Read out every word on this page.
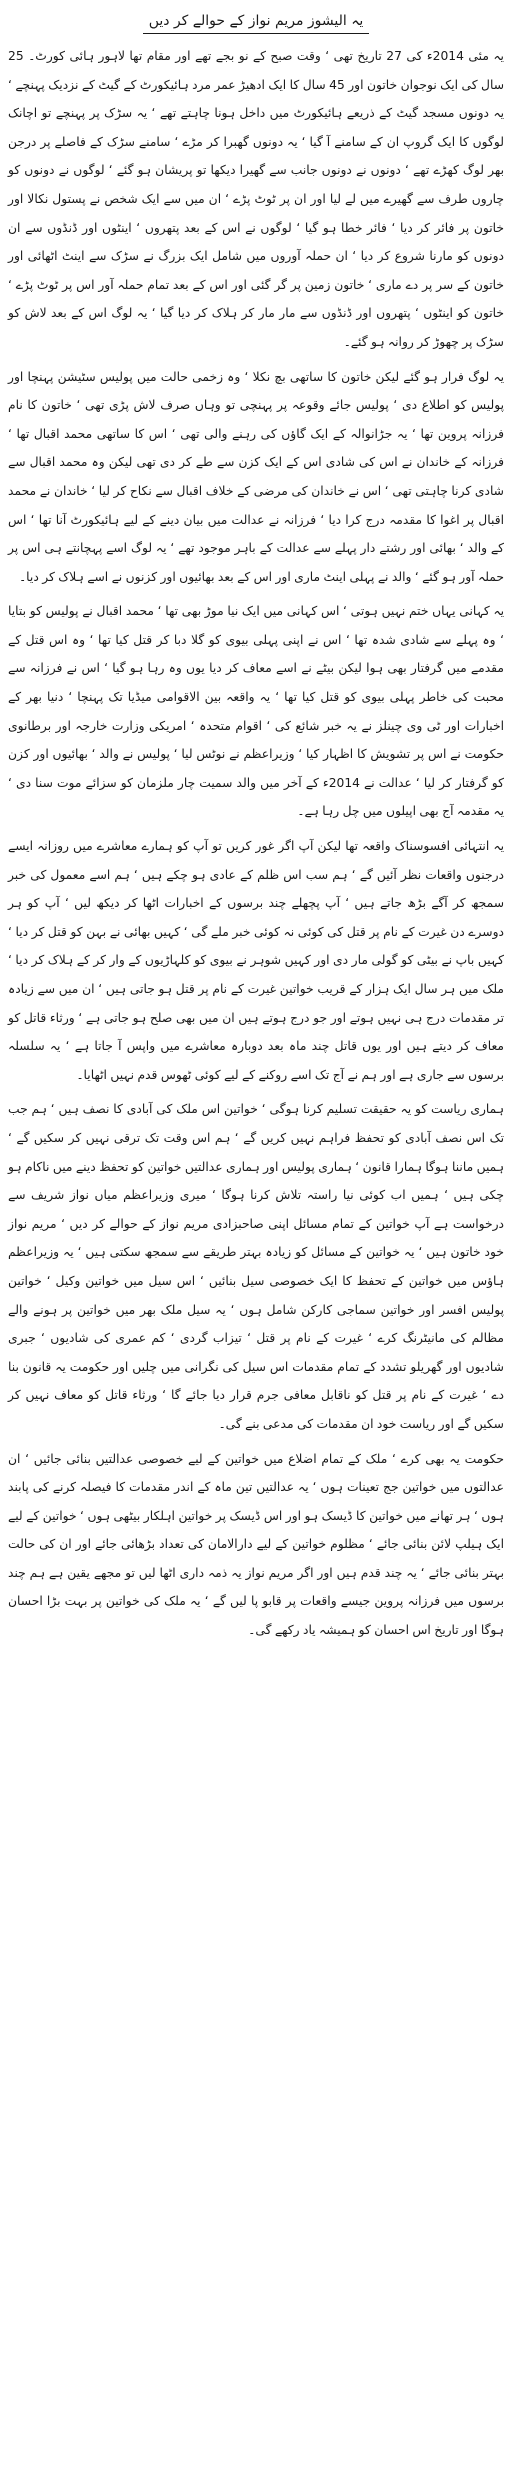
یہ الیشوز مریم نواز کے حوالے کر دیں

یہ مئی 2014ء کی 27 تاریخ تھی ‘ وقت صبح کے نو بجے تھے اور مقام تھا لاہور ہائی کورٹ۔ 25 سال کی ایک نوجوان خاتون اور 45 سال کا ایک ادھیڑ عمر مرد ہائیکورٹ کے گیٹ کے نزدیک پہنچے ‘ یہ دونوں مسجد گیٹ کے ذریعے ہائیکورٹ میں داخل ہونا چاہتے تھے ‘ یہ سڑک پر پہنچے تو اچانک لوگوں کا ایک گروپ ان کے سامنے آ گیا ‘ یہ دونوں گھبرا کر مڑے ‘ سامنے سڑک کے فاصلے پر درجن بھر لوگ کھڑے تھے ‘ دونوں نے دونوں جانب سے گھیرا دیکھا تو پریشان ہو گئے ‘ لوگوں نے دونوں کو چاروں طرف سے گھیرے میں لے لیا اور ان پر ٹوٹ پڑے ‘ ان میں سے ایک شخص نے پستول نکالا اور خاتون پر فائر کر دیا ‘ فائر خطا ہو گیا ‘ لوگوں نے اس کے بعد پتھروں ‘ اینٹوں اور ڈنڈوں سے ان دونوں کو مارنا شروع کر دیا ‘ ان حملہ آوروں میں شامل ایک بزرگ نے سڑک سے اینٹ اٹھائی اور خاتون کے سر پر دے ماری ‘ خاتون زمین پر گر گئی اور اس کے بعد تمام حملہ آور اس پر ٹوٹ پڑے ‘ خاتون کو اینٹوں ‘ پتھروں اور ڈنڈوں سے مار مار کر ہلاک کر دیا گیا ‘ یہ لوگ اس کے بعد لاش کو سڑک پر چھوڑ کر روانہ ہو گئے۔

یہ لوگ فرار ہو گئے لیکن خاتون کا ساتھی بچ نکلا ‘ وہ زخمی حالت میں پولیس سٹیشن پہنچا اور پولیس کو اطلاع دی ‘ پولیس جائے وقوعہ پر پہنچی تو وہاں صرف لاش پڑی تھی ‘ خاتون کا نام فرزانہ پروین تھا ‘ یہ جڑانوالہ کے ایک گاؤں کی رہنے والی تھی ‘ اس کا ساتھی محمد اقبال تھا ‘ فرزانہ کے خاندان نے اس کی شادی اس کے ایک کزن سے طے کر دی تھی لیکن وہ محمد اقبال سے شادی کرنا چاہتی تھی ‘ اس نے خاندان کی مرضی کے خلاف اقبال سے نکاح کر لیا ‘ خاندان نے محمد اقبال پر اغوا کا مقدمہ درج کرا دیا ‘ فرزانہ نے عدالت میں بیان دینے کے لیے ہائیکورٹ آنا تھا ‘ اس کے والد ‘ بھائی اور رشتے دار پہلے سے عدالت کے باہر موجود تھے ‘ یہ لوگ اسے پہچانتے ہی اس پر حملہ آور ہو گئے ‘ والد نے پہلی اینٹ ماری اور اس کے بعد بھائیوں اور کزنوں نے اسے ہلاک کر دیا۔

یہ کہانی یہاں ختم نہیں ہوتی ‘ اس کہانی میں ایک نیا موڑ بھی تھا ‘ محمد اقبال نے پولیس کو بتایا ‘ وہ پہلے سے شادی شدہ تھا ‘ اس نے اپنی پہلی بیوی کو گلا دبا کر قتل کیا تھا ‘ وہ اس قتل کے مقدمے میں گرفتار بھی ہوا لیکن بیٹے نے اسے معاف کر دیا یوں وہ رہا ہو گیا ‘ اس نے فرزانہ سے محبت کی خاطر پہلی بیوی کو قتل کیا تھا ‘ یہ واقعہ بین الاقوامی میڈیا تک پہنچا ‘ دنیا بھر کے اخبارات اور ٹی وی چینلز نے یہ خبر شائع کی ‘ اقوام متحدہ ‘ امریکی وزارت خارجہ اور برطانوی حکومت نے اس پر تشویش کا اظہار کیا ‘ وزیراعظم نے نوٹس لیا ‘ پولیس نے والد ‘ بھائیوں اور کزن کو گرفتار کر لیا ‘ عدالت نے 2014ء کے آخر میں والد سمیت چار ملزمان کو سزائے موت سنا دی ‘ یہ مقدمہ آج بھی اپیلوں میں چل رہا ہے۔

یہ انتہائی افسوسناک واقعہ تھا لیکن آپ اگر غور کریں تو آپ کو ہمارے معاشرے میں روزانہ ایسے درجنوں واقعات نظر آئیں گے ‘ ہم سب اس ظلم کے عادی ہو چکے ہیں ‘ ہم اسے معمول کی خبر سمجھ کر آگے بڑھ جاتے ہیں ‘ آپ پچھلے چند برسوں کے اخبارات اٹھا کر دیکھ لیں ‘ آپ کو ہر دوسرے دن غیرت کے نام پر قتل کی کوئی نہ کوئی خبر ملے گی ‘ کہیں بھائی نے بہن کو قتل کر دیا ‘ کہیں باپ نے بیٹی کو گولی مار دی اور کہیں شوہر نے بیوی کو کلہاڑیوں کے وار کر کے ہلاک کر دیا ‘ ملک میں ہر سال ایک ہزار کے قریب خواتین غیرت کے نام پر قتل ہو جاتی ہیں ‘ ان میں سے زیادہ تر مقدمات درج ہی نہیں ہوتے اور جو درج ہوتے ہیں ان میں بھی صلح ہو جاتی ہے ‘ ورثاء قاتل کو معاف کر دیتے ہیں اور یوں قاتل چند ماہ بعد دوبارہ معاشرے میں واپس آ جاتا ہے ‘ یہ سلسلہ برسوں سے جاری ہے اور ہم نے آج تک اسے روکنے کے لیے کوئی ٹھوس قدم نہیں اٹھایا۔

ہماری ریاست کو یہ حقیقت تسلیم کرنا ہوگی ‘ خواتین اس ملک کی آبادی کا نصف ہیں ‘ ہم جب تک اس نصف آبادی کو تحفظ فراہم نہیں کریں گے ‘ ہم اس وقت تک ترقی نہیں کر سکیں گے ‘ ہمیں ماننا ہوگا ہمارا قانون ‘ ہماری پولیس اور ہماری عدالتیں خواتین کو تحفظ دینے میں ناکام ہو چکی ہیں ‘ ہمیں اب کوئی نیا راستہ تلاش کرنا ہوگا ‘ میری وزیراعظم میاں نواز شریف سے درخواست ہے آپ خواتین کے تمام مسائل اپنی صاحبزادی مریم نواز کے حوالے کر دیں ‘ مریم نواز خود خاتون ہیں ‘ یہ خواتین کے مسائل کو زیادہ بہتر طریقے سے سمجھ سکتی ہیں ‘ یہ وزیراعظم ہاؤس میں خواتین کے تحفظ کا ایک خصوصی سیل بنائیں ‘ اس سیل میں خواتین وکیل ‘ خواتین پولیس افسر اور خواتین سماجی کارکن شامل ہوں ‘ یہ سیل ملک بھر میں خواتین پر ہونے والے مظالم کی مانیٹرنگ کرے ‘ غیرت کے نام پر قتل ‘ تیزاب گردی ‘ کم عمری کی شادیوں ‘ جبری شادیوں اور گھریلو تشدد کے تمام مقدمات اس سیل کی نگرانی میں چلیں اور حکومت یہ قانون بنا دے ‘ غیرت کے نام پر قتل کو ناقابل معافی جرم قرار دیا جائے گا ‘ ورثاء قاتل کو معاف نہیں کر سکیں گے اور ریاست خود ان مقدمات کی مدعی بنے گی۔

حکومت یہ بھی کرے ‘ ملک کے تمام اضلاع میں خواتین کے لیے خصوصی عدالتیں بنائی جائیں ‘ ان عدالتوں میں خواتین جج تعینات ہوں ‘ یہ عدالتیں تین ماہ کے اندر مقدمات کا فیصلہ کرنے کی پابند ہوں ‘ ہر تھانے میں خواتین کا ڈیسک ہو اور اس ڈیسک پر خواتین اہلکار بیٹھی ہوں ‘ خواتین کے لیے ایک ہیلپ لائن بنائی جائے ‘ مظلوم خواتین کے لیے دارالامان کی تعداد بڑھائی جائے اور ان کی حالت بہتر بنائی جائے ‘ یہ چند قدم ہیں اور اگر مریم نواز یہ ذمہ داری اٹھا لیں تو مجھے یقین ہے ہم چند برسوں میں فرزانہ پروین جیسے واقعات پر قابو پا لیں گے ‘ یہ ملک کی خواتین پر بہت بڑا احسان ہوگا اور تاریخ اس احسان کو ہمیشہ یاد رکھے گی۔
